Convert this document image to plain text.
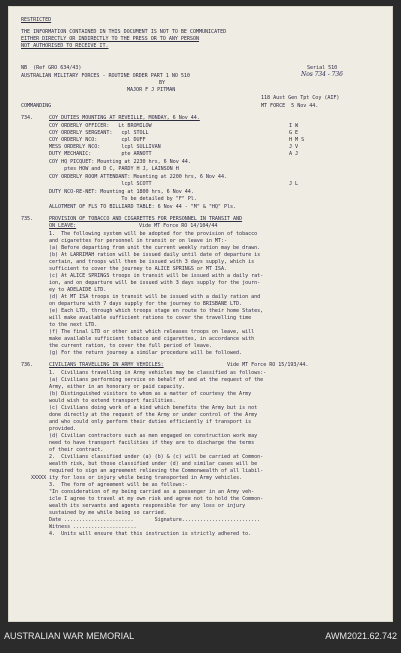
RESTRICTED
THE INFORMATION CONTAINED IN THIS DOCUMENT IS NOT TO BE COMMUNICATED
EITHER DIRECTLY OR INDIRECTLY TO THE PRESS OR TO ANY PERSON
NOT AUTHORISED TO RECEIVE IT.
NB  (Ref GRO 634/43)	Serial 510
AUSTRALIAN MILITARY FORCES - ROUTINE ORDER PART 1 NO 510	Nos 734 - 736
BY
MAJOR F J PITMAN
118 Aust Gen Tpt Coy (AIF)
COMMANDING	MT FORCE  5 Nov 44.
734.	COY DUTIES MOUNTING AT REVEILLE, MONDAY, 6 Nov 44.
COY ORDERLY OFFICER:   Lt BROMILOW	I W
COY ORDERLY SERGEANT:   cpl STOLL	G E
COY ORDERLY NCO:        cpl DUFF	H M S
MESS ORDERLY NCO:       lcpl SULLIVAN	J V
DUTY MECHANIC:          pte ARNOTT	A J
COY HQ PICQUET: Mounting at 2230 hrs, 6 Nov 44.
ptes HOW and D C, PARDY H J, LAINSON H
COY ORDERLY ROOM ATTENDANT: Mounting at 2200 hrs, 6 Nov 44.
lcpl SCOTT	J L
DUTY NCO-RE-NET: Mounting at 1800 hrs, 6 Nov 44.
To be detailed by "F" Pl.
ALLOTMENT OF FLS TO BILLIARD TABLE: 6 Nov 44 - "M" & "HQ" Pls.
735.	PROVISION OF TOBACCO AND CIGARETTES FOR PERSONNEL IN TRANSIT AND
ON LEAVE:	Vide MT Force RO 14/104/44
1.  The following system will be adopted for the provision of tobacco
and cigarettes for personnel in transit or on leave in MT:-
(a) Before departing from unit the current weekly ration may be drawn.
(b) At LARRIMAH ration will be issued daily until date of departure is
certain, and troops will then be issued with 3 days supply, which is
sufficient to cover the journey to ALICE SPRINGS or MT ISA.
(c) At ALICE SPRINGS troops in transit will be issued with a daily rat-
ion, and on departure will be issued with 3 days supply for the journ-
ey to ADELAIDE LTD.
(d) At MT ISA troops in transit will be issued with a daily ration and
on departure with 7 days supply for the journey to BRISBANE LTD.
(e) Each LTD, through which troops stage en route to their home States,
will make available sufficient rations to cover the travelling time
to the next LTD.
(f) The final LTD or other unit which releases troops on leave, will
make available sufficient tobacco and cigarettes, in accordance with
the current ration, to cover the full period of leave.
(g) For the return journey a similar procedure will be followed.
736.	CIVILIANS TRAVELLING IN ARMY VEHICLES:	Vide MT Force RO 15/193/44.
1.  Civilians travelling in Army vehicles may be classified as follows:-
(a) Civilians performing service on behalf of and at the request of the
Army, either in an honorary or paid capacity.
(b) Distinguished visitors to whom as a matter of courtesy the Army
would wish to extend transport facilities.
(c) Civilians doing work of a kind which benefits the Army but is not
done directly at the request of the Army or under control of the Army
and who could only perform their duties efficiently if transport is
provided.
(d) Civilian contractors such as men engaged on construction work may
need to have transport facilities if they are to discharge the terms
of their contract.
2.  Civilians classified under (a) (b) & (c) will be carried at Common-
wealth risk, but those classified under (d) and similar cases will be
required to sign an agreement relieving the Commonwealth of all liabil-
XXXXX ity for loss or injury while being transported in Army vehicles.
3.  The form of agreement will be as follows:-
"In consideration of my being carried as a passenger in an Army veh-
icle I agree to travel at my own risk and agree not to hold the Common-
wealth its servants and agents responsible for any loss or injury
sustained by me while being so carried.
Date .......................       Signature..........................
Witness .....................
4.  Units will ensure that this instruction is strictly adhered to.
AUSTRALIAN WAR MEMORIAL	AWM2021.62.742
